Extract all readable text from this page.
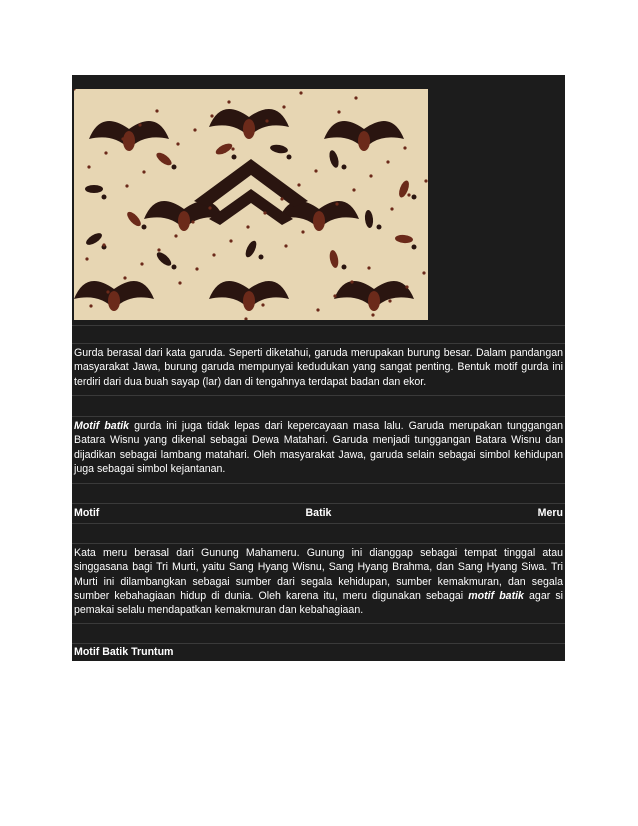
Gurda berasal dari kata garuda. Seperti diketahui, garuda merupakan burung besar. Dalam pandangan masyarakat Jawa, burung garuda mempunyai kedudukan yang sangat penting. Bentuk motif gurda ini terdiri dari dua buah sayap (lar) dan di tengahnya terdapat badan dan ekor.
Motif batik gurda ini juga tidak lepas dari kepercayaan masa lalu. Garuda merupakan tunggangan Batara Wisnu yang dikenal sebagai Dewa Matahari. Garuda menjadi tunggangan Batara Wisnu dan dijadikan sebagai lambang matahari. Oleh masyarakat Jawa, garuda selain sebagai simbol kehidupan juga sebagai simbol kejantanan.
Motif	Batik	Meru
Kata meru berasal dari Gunung Mahameru. Gunung ini dianggap sebagai tempat tinggal atau singgasana bagi Tri Murti, yaitu Sang Hyang Wisnu, Sang Hyang Brahma, dan Sang Hyang Siwa. Tri Murti ini dilambangkan sebagai sumber dari segala kehidupan, sumber kemakmuran, dan segala sumber kebahagiaan hidup di dunia. Oleh karena itu, meru digunakan sebagai motif batik agar si pemakai selalu mendapatkan kemakmuran dan kebahagiaan.
Motif Batik Truntum
